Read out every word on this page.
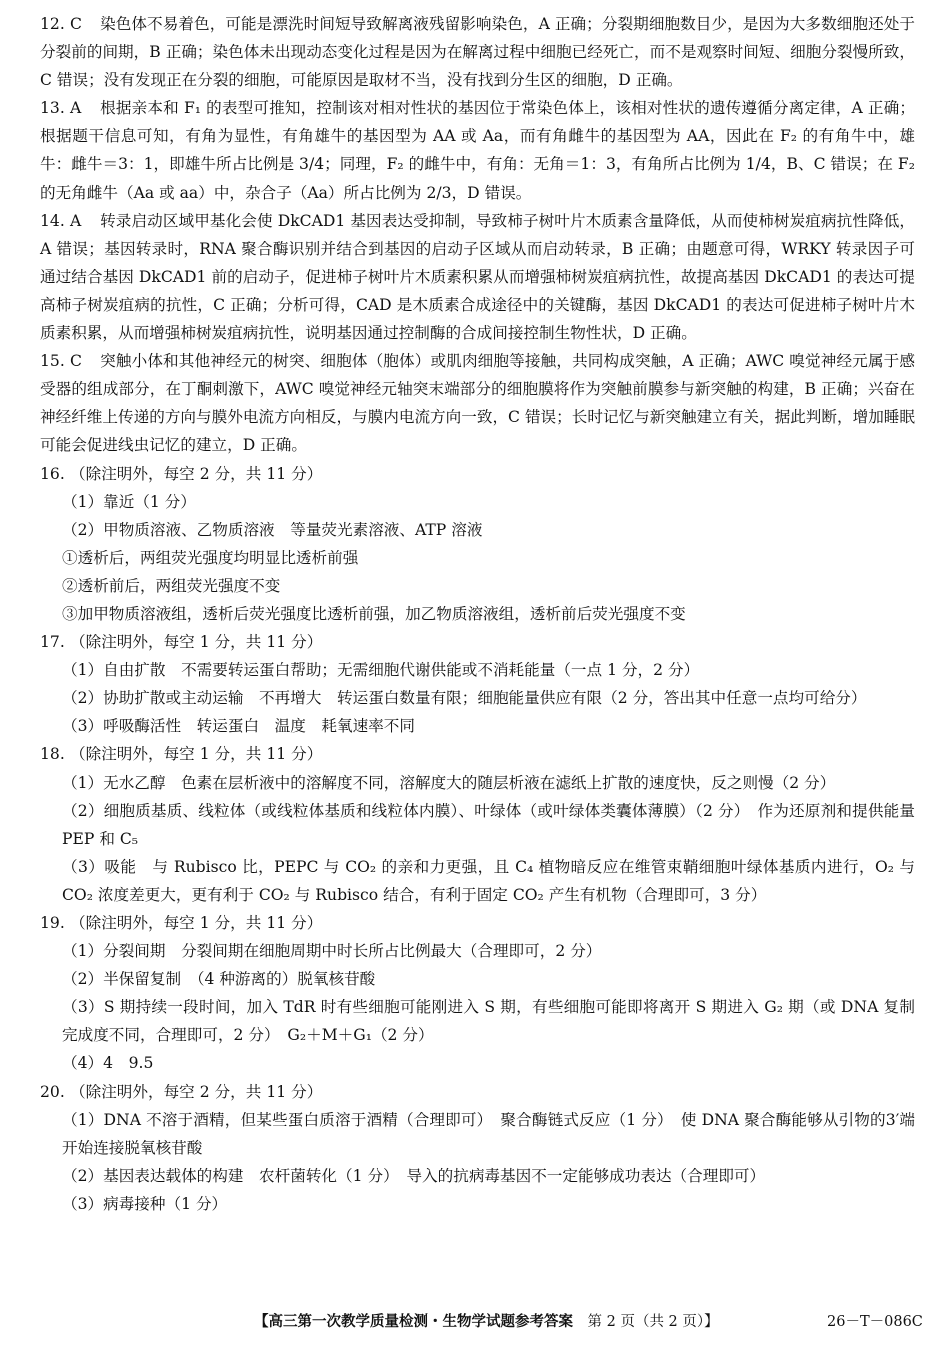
12. C 染色体不易着色，可能是漂洗时间短导致解离液残留影响染色，A 正确；分裂期细胞数目少，是因为大多数细胞还处于分裂前的间期，B 正确；染色体未出现动态变化过程是因为在解离过程中细胞已经死亡，而不是观察时间短、细胞分裂慢所致，C 错误；没有发现正在分裂的细胞，可能原因是取材不当，没有找到分生区的细胞，D 正确。

13. A 根据亲本和 F₁ 的表型可推知，控制该对相对性状的基因位于常染色体上，该相对性状的遗传遵循分离定律，A 正确；根据题干信息可知，有角为显性，有角雄牛的基因型为 AA 或 Aa，而有角雌牛的基因型为 AA，因此在 F₂ 的有角牛中，雄牛：雌牛＝3：1，即雄牛所占比例是 3/4；同理，F₂ 的雌牛中，有角：无角＝1：3，有角所占比例为 1/4，B、C 错误；在 F₂ 的无角雌牛（Aa 或 aa）中，杂合子（Aa）所占比例为 2/3，D 错误。

14. A 转录启动区域甲基化会使 DkCAD1 基因表达受抑制，导致柿子树叶片木质素含量降低，从而使柿树炭疽病抗性降低，A 错误；基因转录时，RNA 聚合酶识别并结合到基因的启动子区域从而启动转录，B 正确；由题意可得，WRKY 转录因子可通过结合基因 DkCAD1 前的启动子，促进柿子树叶片木质素积累从而增强柿树炭疽病抗性，故提高基因 DkCAD1 的表达可提高柿子树炭疽病的抗性，C 正确；分析可得，CAD 是木质素合成途径中的关键酶，基因 DkCAD1 的表达可促进柿子树叶片木质素积累，从而增强柿树炭疽病抗性，说明基因通过控制酶的合成间接控制生物性状，D 正确。

15. C 突触小体和其他神经元的树突、细胞体（胞体）或肌肉细胞等接触，共同构成突触，A 正确；AWC 嗅觉神经元属于感受器的组成部分，在丁酮刺激下，AWC 嗅觉神经元轴突末端部分的细胞膜将作为突触前膜参与新突触的构建，B 正确；兴奋在神经纤维上传递的方向与膜外电流方向相反，与膜内电流方向一致，C 错误；长时记忆与新突触建立有关，据此判断，增加睡眠可能会促进线虫记忆的建立，D 正确。

16. （除注明外，每空 2 分，共 11 分）

（1）靠近（1 分）

（2）甲物质溶液、乙物质溶液　等量荧光素溶液、ATP 溶液

①透析后，两组荧光强度均明显比透析前强

②透析前后，两组荧光强度不变

③加甲物质溶液组，透析后荧光强度比透析前强，加乙物质溶液组，透析前后荧光强度不变

17. （除注明外，每空 1 分，共 11 分）

（1）自由扩散　不需要转运蛋白帮助；无需细胞代谢供能或不消耗能量（一点 1 分，2 分）

（2）协助扩散或主动运输　不再增大　转运蛋白数量有限；细胞能量供应有限（2 分，答出其中任意一点均可给分）

（3）呼吸酶活性　转运蛋白　温度　耗氧速率不同

18. （除注明外，每空 1 分，共 11 分）

（1）无水乙醇　色素在层析液中的溶解度不同，溶解度大的随层析液在滤纸上扩散的速度快，反之则慢（2 分）

（2）细胞质基质、线粒体（或线粒体基质和线粒体内膜）、叶绿体（或叶绿体类囊体薄膜）（2 分）　作为还原剂和提供能量　PEP 和 C₅

（3）吸能　与 Rubisco 比，PEPC 与 CO₂ 的亲和力更强，且 C₄ 植物暗反应在维管束鞘细胞叶绿体基质内进行，O₂ 与 CO₂ 浓度差更大，更有利于 CO₂ 与 Rubisco 结合，有利于固定 CO₂ 产生有机物（合理即可，3 分）

19. （除注明外，每空 1 分，共 11 分）

（1）分裂间期　分裂间期在细胞周期中时长所占比例最大（合理即可，2 分）

（2）半保留复制　（4 种游离的）脱氧核苷酸

（3）S 期持续一段时间，加入 TdR 时有些细胞可能刚进入 S 期，有些细胞可能即将离开 S 期进入 G₂ 期（或 DNA 复制完成度不同，合理即可，2 分）　G₂＋M＋G₁（2 分）

（4）4　9.5

20. （除注明外，每空 2 分，共 11 分）

（1）DNA 不溶于酒精，但某些蛋白质溶于酒精（合理即可）　聚合酶链式反应（1 分）　使 DNA 聚合酶能够从引物的3′端开始连接脱氧核苷酸

（2）基因表达载体的构建　农杆菌转化（1 分）　导入的抗病毒基因不一定能够成功表达（合理即可）

（3）病毒接种（1 分）

【高三第一次教学质量检测・生物学试题参考答案　 第 2 页（共 2 页）】	26－T－086C
